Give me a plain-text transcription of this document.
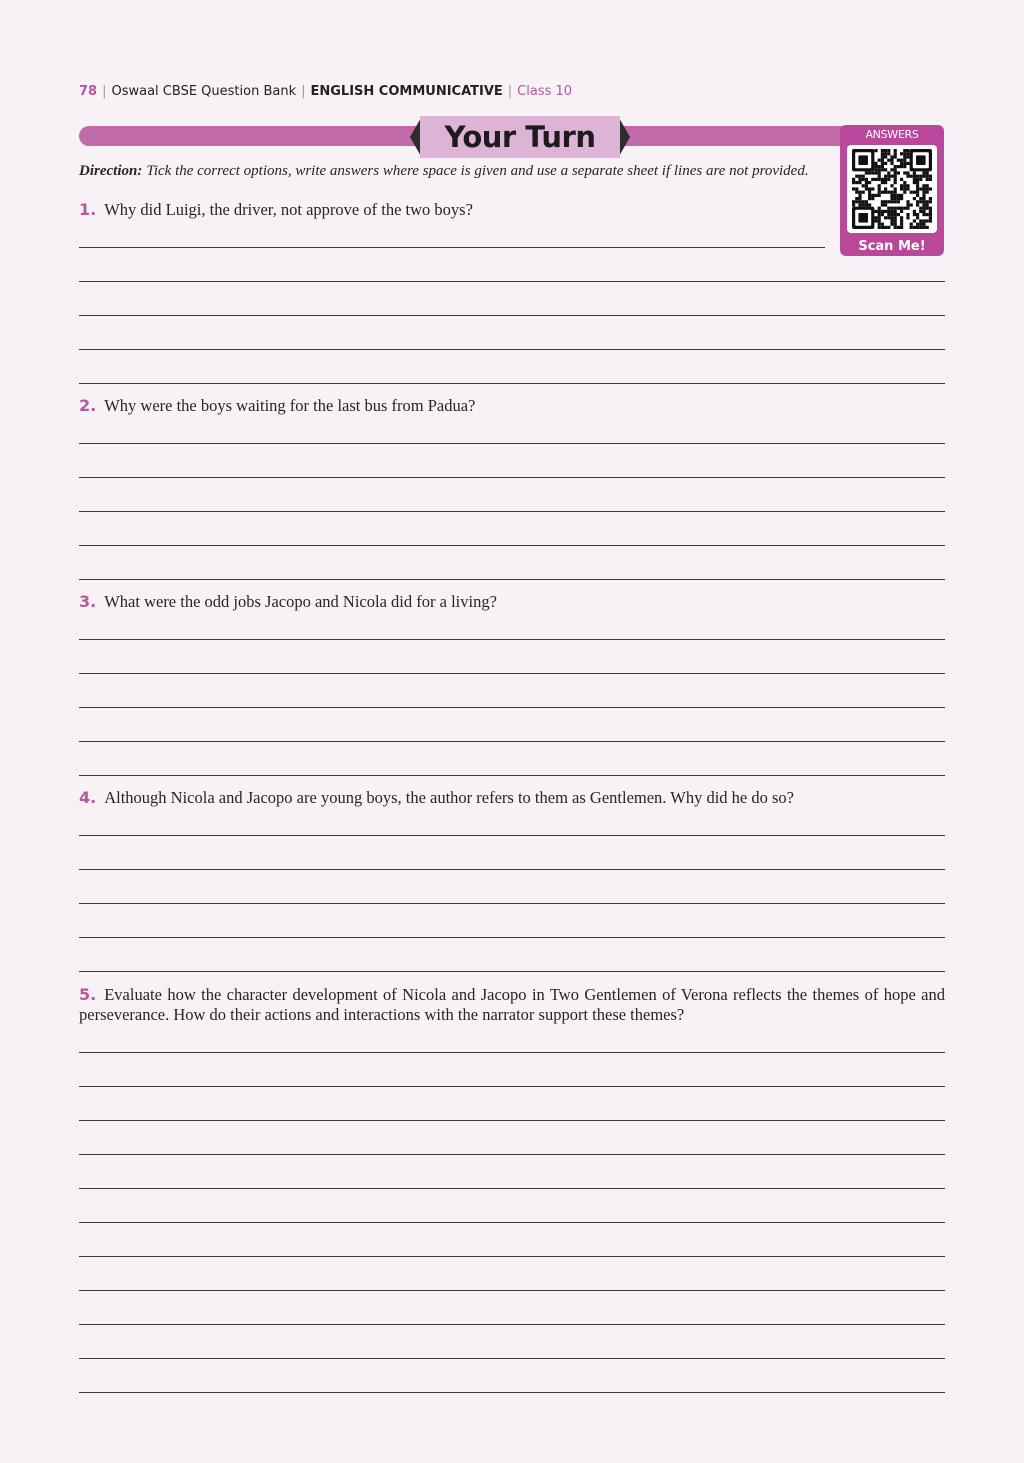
78 | Oswaal CBSE Question Bank | ENGLISH COMMUNICATIVE | Class 10
Your Turn	ANSWERS
Scan Me!
Direction: Tick the correct options, write answers where space is given and use a separate sheet if lines are not provided.
1. Why did Luigi, the driver, not approve of the two boys?
2. Why were the boys waiting for the last bus from Padua?
3. What were the odd jobs Jacopo and Nicola did for a living?
4. Although Nicola and Jacopo are young boys, the author refers to them as Gentlemen. Why did he do so?
5. Evaluate how the character development of Nicola and Jacopo in Two Gentlemen of Verona reflects the themes of hope and perseverance. How do their actions and interactions with the narrator support these themes?
